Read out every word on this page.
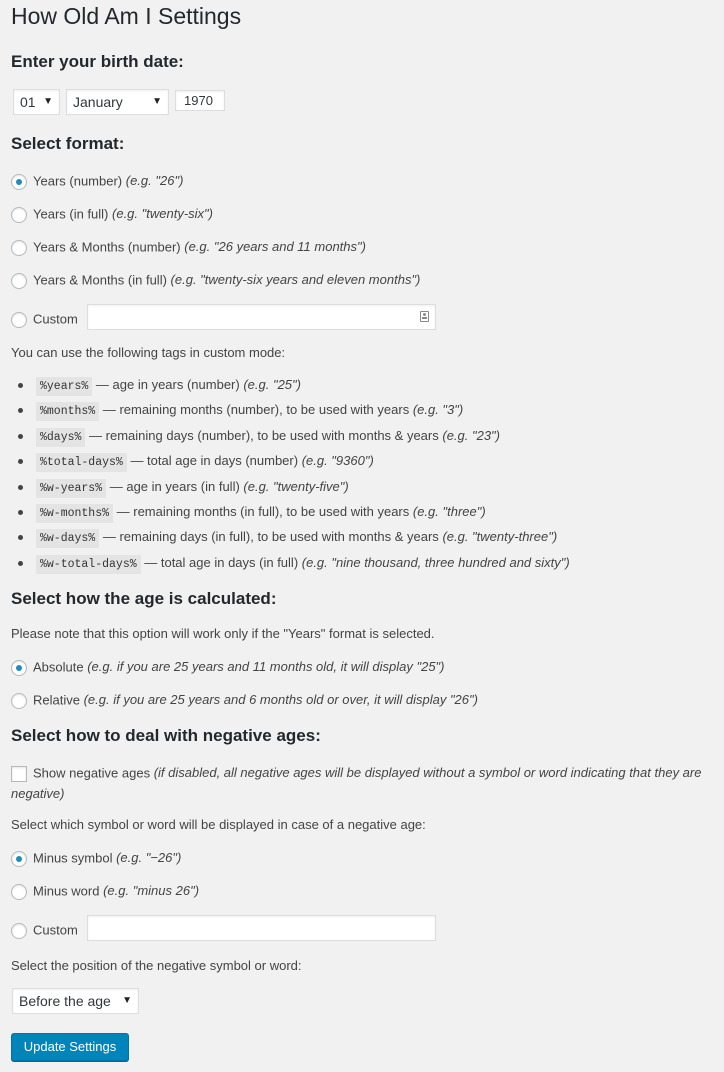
How Old Am I Settings
Enter your birth date:
01 ▼	January	▼	1970
Select format:
Years (number) (e.g. "26")
Years (in full) (e.g. "twenty-six")
Years & Months (number) (e.g. "26 years and 11 months")
Years & Months (in full) (e.g. "twenty-six years and eleven months")
Custom

You can use the following tags in custom mode:

%years% — age in years (number) (e.g. "25")
%months% — remaining months (number), to be used with years (e.g. "3")
%days% — remaining days (number), to be used with months & years (e.g. "23")
%total-days% — total age in days (number) (e.g. "9360")
%w-years% — age in years (in full) (e.g. "twenty-five")
%w-months% — remaining months (in full), to be used with years (e.g. "three")
%w-days% — remaining days (in full), to be used with months & years (e.g. "twenty-three")
%w-total-days% — total age in days (in full) (e.g. "nine thousand, three hundred and sixty")
Select how the age is calculated:

Please note that this option will work only if the "Years" format is selected.

Absolute (e.g. if you are 25 years and 11 months old, it will display "25")
Relative (e.g. if you are 25 years and 6 months old or over, it will display "26")
Select how to deal with negative ages:
Show negative ages (if disabled, all negative ages will be displayed without a symbol or word indicating that they are negative)

Select which symbol or word will be displayed in case of a negative age:

Minus symbol (e.g. "−26")
Minus word (e.g. "minus 26")
Custom

Select the position of the negative symbol or word:

Before the age ▼
Update Settings
